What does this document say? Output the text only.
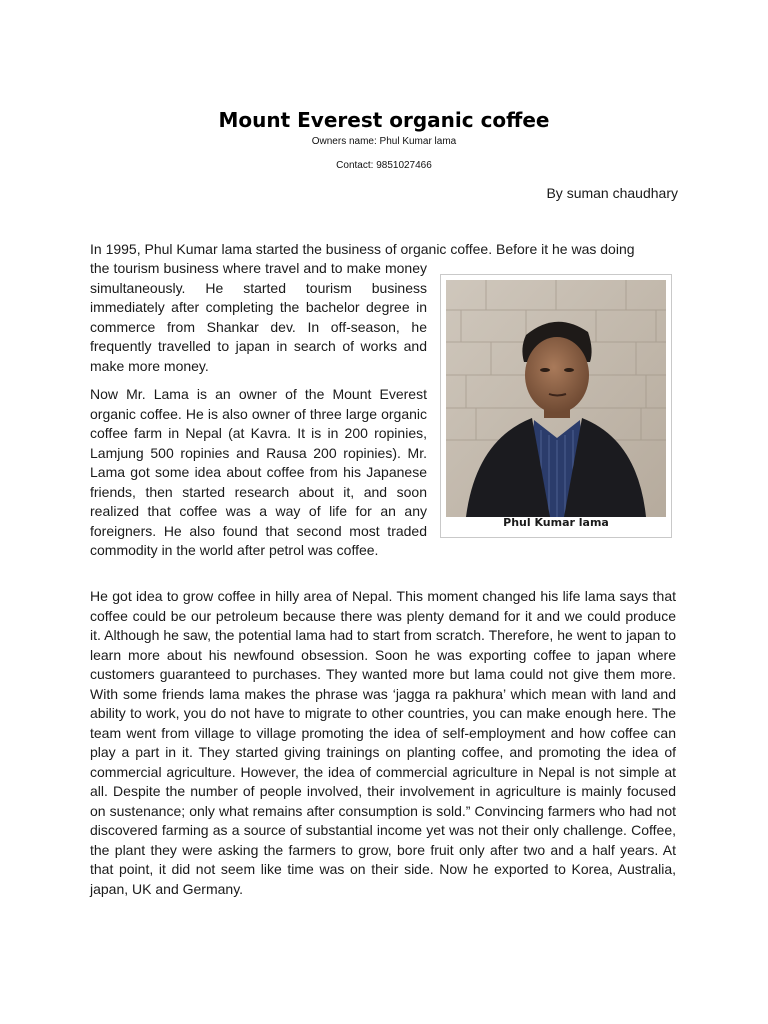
Mount Everest organic coffee

Owners name: Phul Kumar lama

Contact: 9851027466

By suman chaudhary

In 1995, Phul Kumar lama started the business of organic coffee. Before it he was doing

the tourism business where travel and to make money simultaneously. He started tourism business immediately after completing the bachelor degree in commerce from Shankar dev. In off-season, he frequently travelled to japan in search of works and make more money.

Now Mr. Lama is an owner of the Mount Everest organic coffee. He is also owner of three large organic coffee farm in Nepal (at Kavra. It is in 200 ropinies, Lamjung 500 ropinies and Rausa 200 ropinies). Mr. Lama got some idea about coffee from his Japanese friends, then started research about it, and soon realized that coffee was a way of life for an any foreigners. He also found that second most traded commodity in the world after petrol was coffee.

Phul Kumar lama

He got idea to grow coffee in hilly area of Nepal. This moment changed his life lama says that coffee could be our petroleum because there was plenty demand for it and we could produce it. Although he saw, the potential lama had to start from scratch. Therefore, he went to japan to learn more about his newfound obsession. Soon he was exporting coffee to japan where customers guaranteed to purchases. They wanted more but lama could not give them more. With some friends lama makes the phrase was ‘jagga ra pakhura’ which mean with land and ability to work, you do not have to migrate to other countries, you can make enough here. The team went from village to village promoting the idea of self-employment and how coffee can play a part in it. They started giving trainings on planting coffee, and promoting the idea of commercial agriculture. However, the idea of commercial agriculture in Nepal is not simple at all. Despite the number of people involved, their involvement in agriculture is mainly focused on sustenance; only what remains after consumption is sold.” Convincing farmers who had not discovered farming as a source of substantial income yet was not their only challenge. Coffee, the plant they were asking the farmers to grow, bore fruit only after two and a half years. At that point, it did not seem like time was on their side. Now he exported to Korea, Australia, japan, UK and Germany.
